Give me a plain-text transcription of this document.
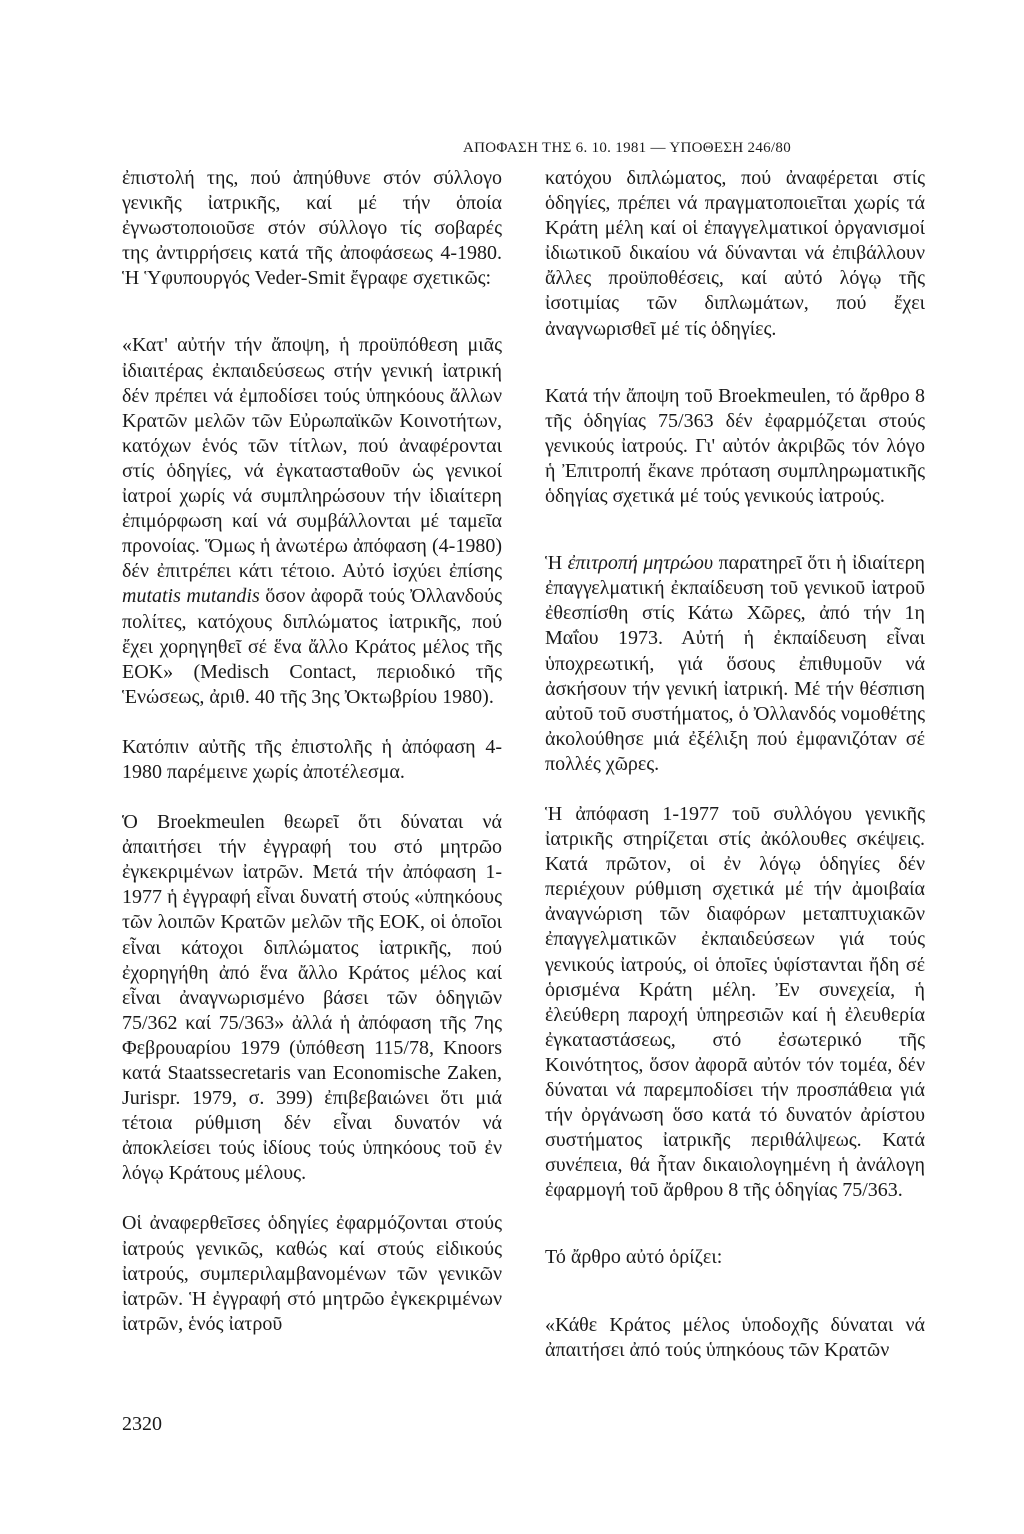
ΑΠΟΦΑΣΗ ΤΗΣ 6. 10. 1981 — ΥΠΟΘΕΣΗ 246/80

ἐπιστολή της, πού ἀπηύθυνε στόν σύλλογο γενικῆς ἰατρικῆς, καί μέ τήν ὁποία ἐγνωστοποιοῦσε στόν σύλλογο τίς σοβαρές της ἀντιρρήσεις κατά τῆς ἀποφάσεως 4-1980. Ἡ Ὑφυπουργός Veder-Smit ἔγραφε σχετικῶς:

«Κατ' αὐτήν τήν ἄποψη, ἡ προϋπόθεση μιᾶς ἰδιαιτέρας ἐκπαιδεύσεως στήν γενική ἰατρική δέν πρέπει νά ἐμποδίσει τούς ὑπηκόους ἄλλων Κρατῶν μελῶν τῶν Εὐρωπαϊκῶν Κοινοτήτων, κατόχων ἑνός τῶν τίτλων, πού ἀναφέρονται στίς ὁδηγίες, νά ἐγκατασταθοῦν ὡς γενικοί ἰατροί χωρίς νά συμπληρώσουν τήν ἰδιαίτερη ἐπιμόρφωση καί νά συμβάλλονται μέ ταμεῖα προνοίας. Ὅμως ἡ ἀνωτέρω ἀπόφαση (4-1980) δέν ἐπιτρέπει κάτι τέτοιο. Αὐτό ἰσχύει ἐπίσης mutatis mutandis ὅσον ἀφορᾶ τούς Ὀλλανδούς πολίτες, κατόχους διπλώματος ἰατρικῆς, πού ἔχει χορηγηθεῖ σέ ἕνα ἄλλο Κράτος μέλος τῆς ΕΟΚ» (Medisch Contact, περιοδικό τῆς Ἑνώσεως, ἀριθ. 40 τῆς 3ης Ὀκτωβρίου 1980).

Κατόπιν αὐτῆς τῆς ἐπιστολῆς ἡ ἀπόφαση 4-1980 παρέμεινε χωρίς ἀποτέλεσμα.

Ὁ Broekmeulen θεωρεῖ ὅτι δύναται νά ἀπαιτήσει τήν ἐγγραφή του στό μητρῶο ἐγκεκριμένων ἰατρῶν. Μετά τήν ἀπόφαση 1-1977 ἡ ἐγγραφή εἶναι δυνατή στούς «ὑπηκόους τῶν λοιπῶν Κρατῶν μελῶν τῆς ΕΟΚ, οἱ ὁποῖοι εἶναι κάτοχοι διπλώματος ἰατρικῆς, πού ἐχορηγήθη ἀπό ἕνα ἄλλο Κράτος μέλος καί εἶναι ἀναγνωρισμένο βάσει τῶν ὁδηγιῶν 75/362 καί 75/363» ἀλλά ἡ ἀπόφαση τῆς 7ης Φεβρουαρίου 1979 (ὑπόθεση 115/78, Knoors κατά Staatssecretaris van Economische Zaken, Jurispr. 1979, σ. 399) ἐπιβεβαιώνει ὅτι μιά τέτοια ρύθμιση δέν εἶναι δυνατόν νά ἀποκλείσει τούς ἰδίους τούς ὑπηκόους τοῦ ἐν λόγῳ Κράτους μέλους.

Οἱ ἀναφερθεῖσες ὁδηγίες ἐφαρμόζονται στούς ἰατρούς γενικῶς, καθώς καί στούς εἰδικούς ἰατρούς, συμπεριλαμβανομένων τῶν γενικῶν ἰατρῶν. Ἡ ἐγγραφή στό μητρῶο ἐγκεκριμένων ἰατρῶν, ἑνός ἰατροῦ

κατόχου διπλώματος, πού ἀναφέρεται στίς ὁδηγίες, πρέπει νά πραγματοποιεῖται χωρίς τά Κράτη μέλη καί οἱ ἐπαγγελματικοί ὀργανισμοί ἰδιωτικοῦ δικαίου νά δύνανται νά ἐπιβάλλουν ἄλλες προϋποθέσεις, καί αὐτό λόγῳ τῆς ἰσοτιμίας τῶν διπλωμάτων, πού ἔχει ἀναγνωρισθεῖ μέ τίς ὁδηγίες.

Κατά τήν ἄποψη τοῦ Broekmeulen, τό ἄρθρο 8 τῆς ὁδηγίας 75/363 δέν ἐφαρμόζεται στούς γενικούς ἰατρούς. Γι' αὐτόν ἀκριβῶς τόν λόγο ἡ Ἐπιτροπή ἔκανε πρόταση συμπληρωματικῆς ὁδηγίας σχετικά μέ τούς γενικούς ἰατρούς.

Ἡ ἐπιτροπή μητρώου παρατηρεῖ ὅτι ἡ ἰδιαίτερη ἐπαγγελματική ἐκπαίδευση τοῦ γενικοῦ ἰατροῦ ἐθεσπίσθη στίς Κάτω Χῶρες, ἀπό τήν 1η Μαΐου 1973. Αὐτή ἡ ἐκπαίδευση εἶναι ὑποχρεωτική, γιά ὅσους ἐπιθυμοῦν νά ἀσκήσουν τήν γενική ἰατρική. Μέ τήν θέσπιση αὐτοῦ τοῦ συστήματος, ὁ Ὀλλανδός νομοθέτης ἀκολούθησε μιά ἐξέλιξη πού ἐμφανιζόταν σέ πολλές χῶρες.

Ἡ ἀπόφαση 1-1977 τοῦ συλλόγου γενικῆς ἰατρικῆς στηρίζεται στίς ἀκόλουθες σκέψεις. Κατά πρῶτον, οἱ ἐν λόγῳ ὁδηγίες δέν περιέχουν ρύθμιση σχετικά μέ τήν ἀμοιβαία ἀναγνώριση τῶν διαφόρων μεταπτυχιακῶν ἐπαγγελματικῶν ἐκπαιδεύσεων γιά τούς γενικούς ἰατρούς, οἱ ὁποῖες ὑφίστανται ἤδη σέ ὁρισμένα Κράτη μέλη. Ἐν συνεχεία, ἡ ἐλεύθερη παροχή ὑπηρεσιῶν καί ἡ ἐλευθερία ἐγκαταστάσεως, στό ἐσωτερικό τῆς Κοινότητος, ὅσον ἀφορᾶ αὐτόν τόν τομέα, δέν δύναται νά παρεμποδίσει τήν προσπάθεια γιά τήν ὀργάνωση ὅσο κατά τό δυνατόν ἀρίστου συστήματος ἰατρικῆς περιθάλψεως. Κατά συνέπεια, θά ἦταν δικαιολογημένη ἡ ἀνάλογη ἐφαρμογή τοῦ ἄρθρου 8 τῆς ὁδηγίας 75/363.

Τό ἄρθρο αὐτό ὁρίζει:

«Κάθε Κράτος μέλος ὑποδοχῆς δύναται νά ἀπαιτήσει ἀπό τούς ὑπηκόους τῶν Κρατῶν

2320
